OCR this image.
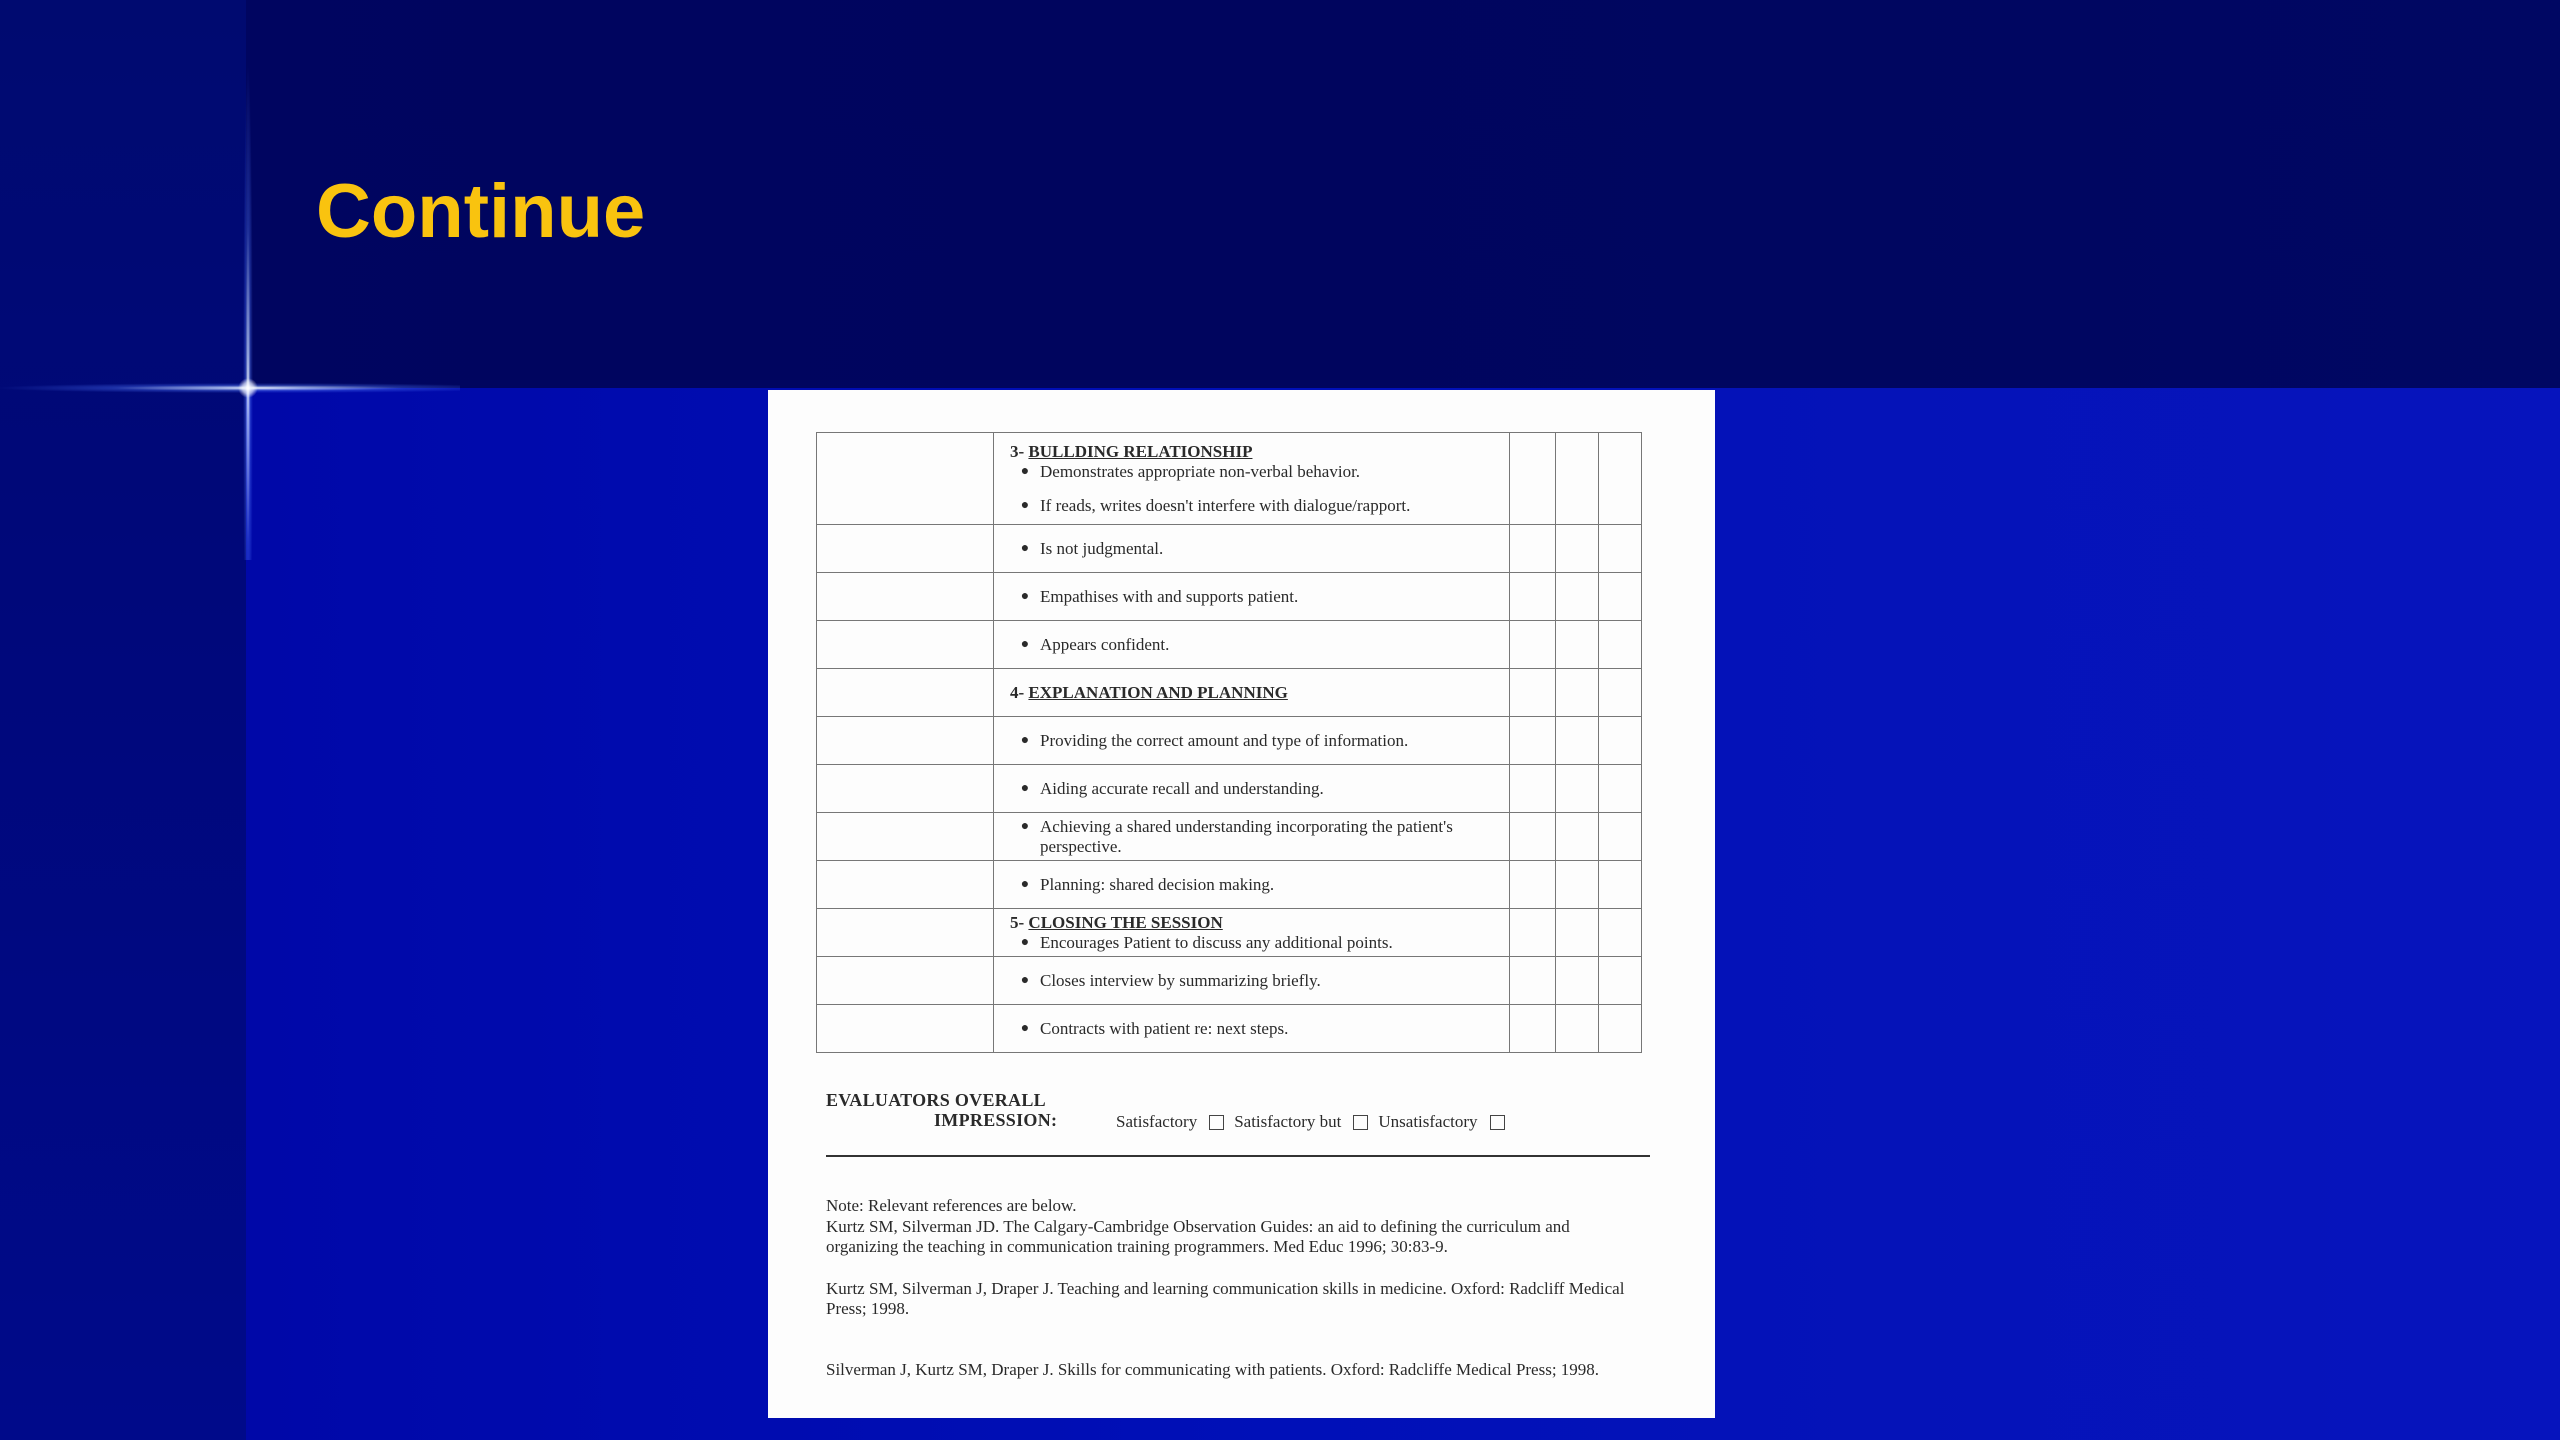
Continue

	3- BULLDING RELATIONSHIP
● Demonstrates appropriate non-verbal behavior.
● If reads, writes doesn't interfere with dialogue/rapport.			

	● Is not judgmental.			

	● Empathises with and supports patient.			

	● Appears confident.			

	4- EXPLANATION AND PLANNING			

	● Providing the correct amount and type of information.			

	● Aiding accurate recall and understanding.			

	● Achieving a shared understanding incorporating the patient's perspective.			

	● Planning: shared decision making.			

	5- CLOSING THE SESSION
● Encourages Patient to discuss any additional points.			

	● Closes interview by summarizing briefly.			

	● Contracts with patient re: next steps.			

EVALUATORS OVERALL
IMPRESSION:	Satisfactory Satisfactory but Unsatisfactory

Note: Relevant references are below.
Kurtz SM, Silverman JD. The Calgary-Cambridge Observation Guides: an aid to defining the curriculum and organizing the teaching in communication training programmers. Med Educ 1996; 30:83-9.

Kurtz SM, Silverman J, Draper J. Teaching and learning communication skills in medicine. Oxford: Radcliff Medical Press; 1998.

Silverman J, Kurtz SM, Draper J. Skills for communicating with patients. Oxford: Radcliffe Medical Press; 1998.
